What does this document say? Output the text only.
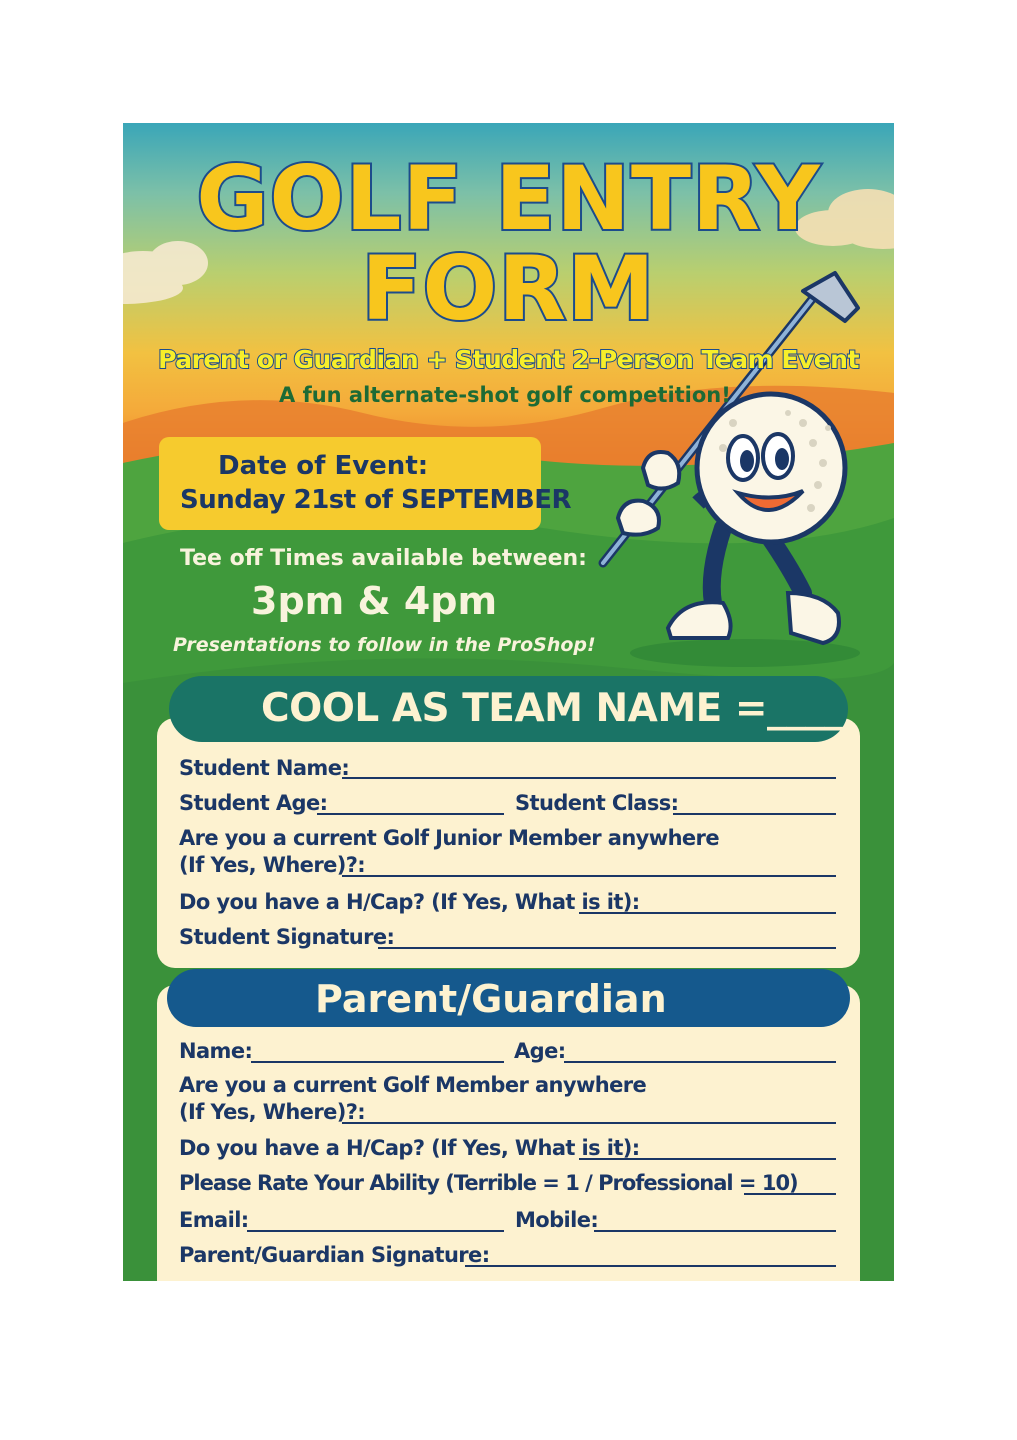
GOLF ENTRY
FORM
Parent or Guardian + Student 2-Person Team Event
A fun alternate-shot golf competition!
Date of Event:
Sunday 21st of SEPTEMBER
Tee off Times available between:
3pm & 4pm
Presentations to follow in the ProShop!
COOL AS TEAM NAME =____
Student Name:
Student Age:	Student Class:
Are you a current Golf Junior Member anywhere
(If Yes, Where)?:
Do you have a H/Cap? (If Yes, What is it):
Student Signature:
Parent/Guardian
Name:	Age:
Are you a current Golf Member anywhere
(If Yes, Where)?:
Do you have a H/Cap? (If Yes, What is it):
Please Rate Your Ability (Terrible = 1 / Professional = 10)
Email:	Mobile:
Parent/Guardian Signature:
